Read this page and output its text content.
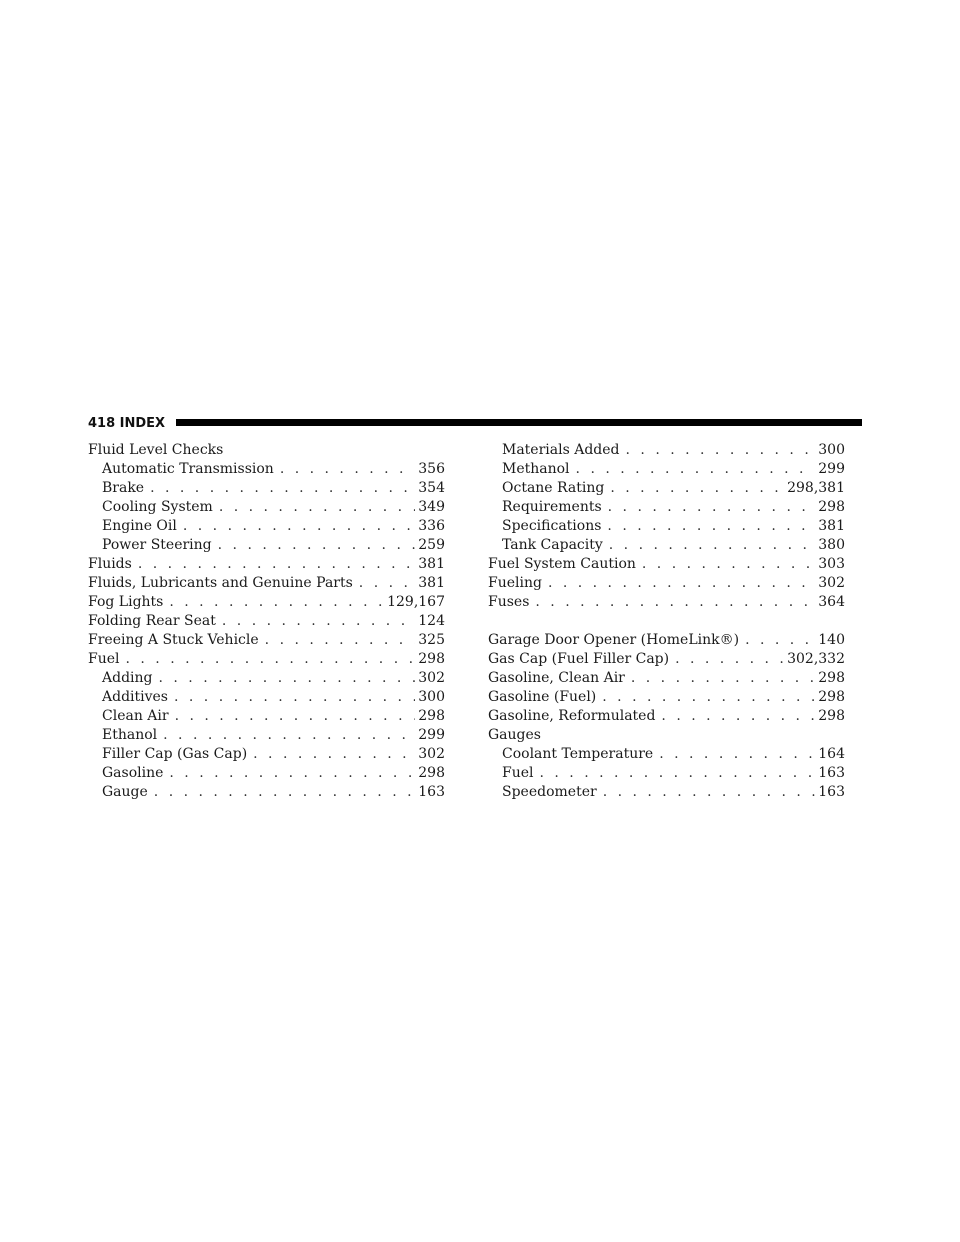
418 INDEX
Fluid Level Checks
Automatic Transmission . . .	356
Brake . . .	354
Cooling System . . .	349
Engine Oil . . .	336
Power Steering . . .	259
Fluids . . .	381
Fluids, Lubricants and Genuine Parts . . .	381
Fog Lights . . .	129,167
Folding Rear Seat . . .	124
Freeing A Stuck Vehicle . . .	325
Fuel . . .	298
Adding . . .	302
Additives . . .	300
Clean Air . . .	298
Ethanol . . .	299
Filler Cap (Gas Cap) . . .	302
Gasoline . . .	298
Gauge . . .	163
Materials Added . . .	300
Methanol . . .	299
Octane Rating . . .	298,381
Requirements . . .	298
Specifications . . .	381
Tank Capacity . . .	380
Fuel System Caution . . .	303
Fueling . . .	302
Fuses . . .	364
Garage Door Opener (HomeLink®) . . .	140
Gas Cap (Fuel Filler Cap) . . .	302,332
Gasoline, Clean Air . . .	298
Gasoline (Fuel) . . .	298
Gasoline, Reformulated . . .	298
Gauges
Coolant Temperature . . .	164
Fuel . . .	163
Speedometer . . .	163
